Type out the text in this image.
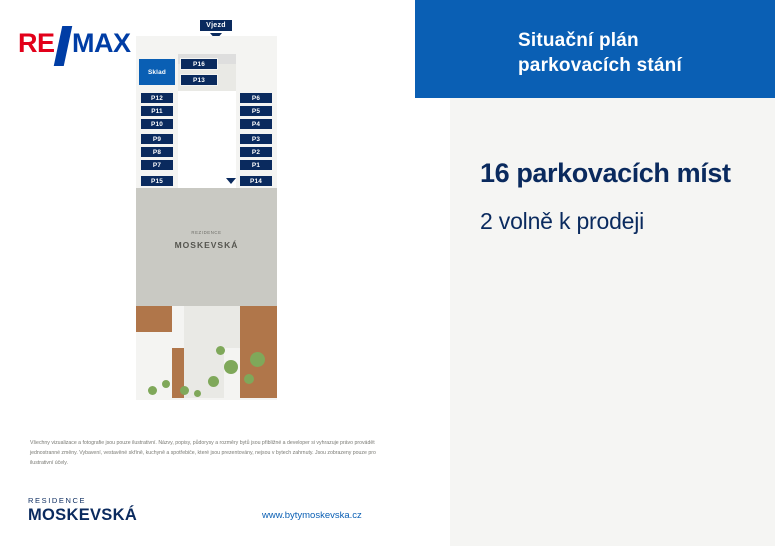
RE MAX
Vjezd
P16
P13
Sklad
P12
P11
P10
P9
P8
P7
P15
P6
P5
P4
P3
P2
P1
P14
REZIDENCE
MOSKEVSKÁ
Všechny vizualizace a fotografie jsou pouze ilustrativní. Názvy, popisy, půdorysy a rozměry bytů jsou přibližné a developer si vyhrazuje právo provádět jednostranné změny. Vybavení, vestavěné skříně, kuchyně a spotřebiče, které jsou prezentovány, nejsou v bytech zahrnuty. Jsou zobrazeny pouze pro ilustrativní účely.
RESIDENCE
MOSKEVSKÁ	www.bytymoskevska.cz
Situační plán
parkovacích stání
16 parkovacích míst
2 volně k prodeji
